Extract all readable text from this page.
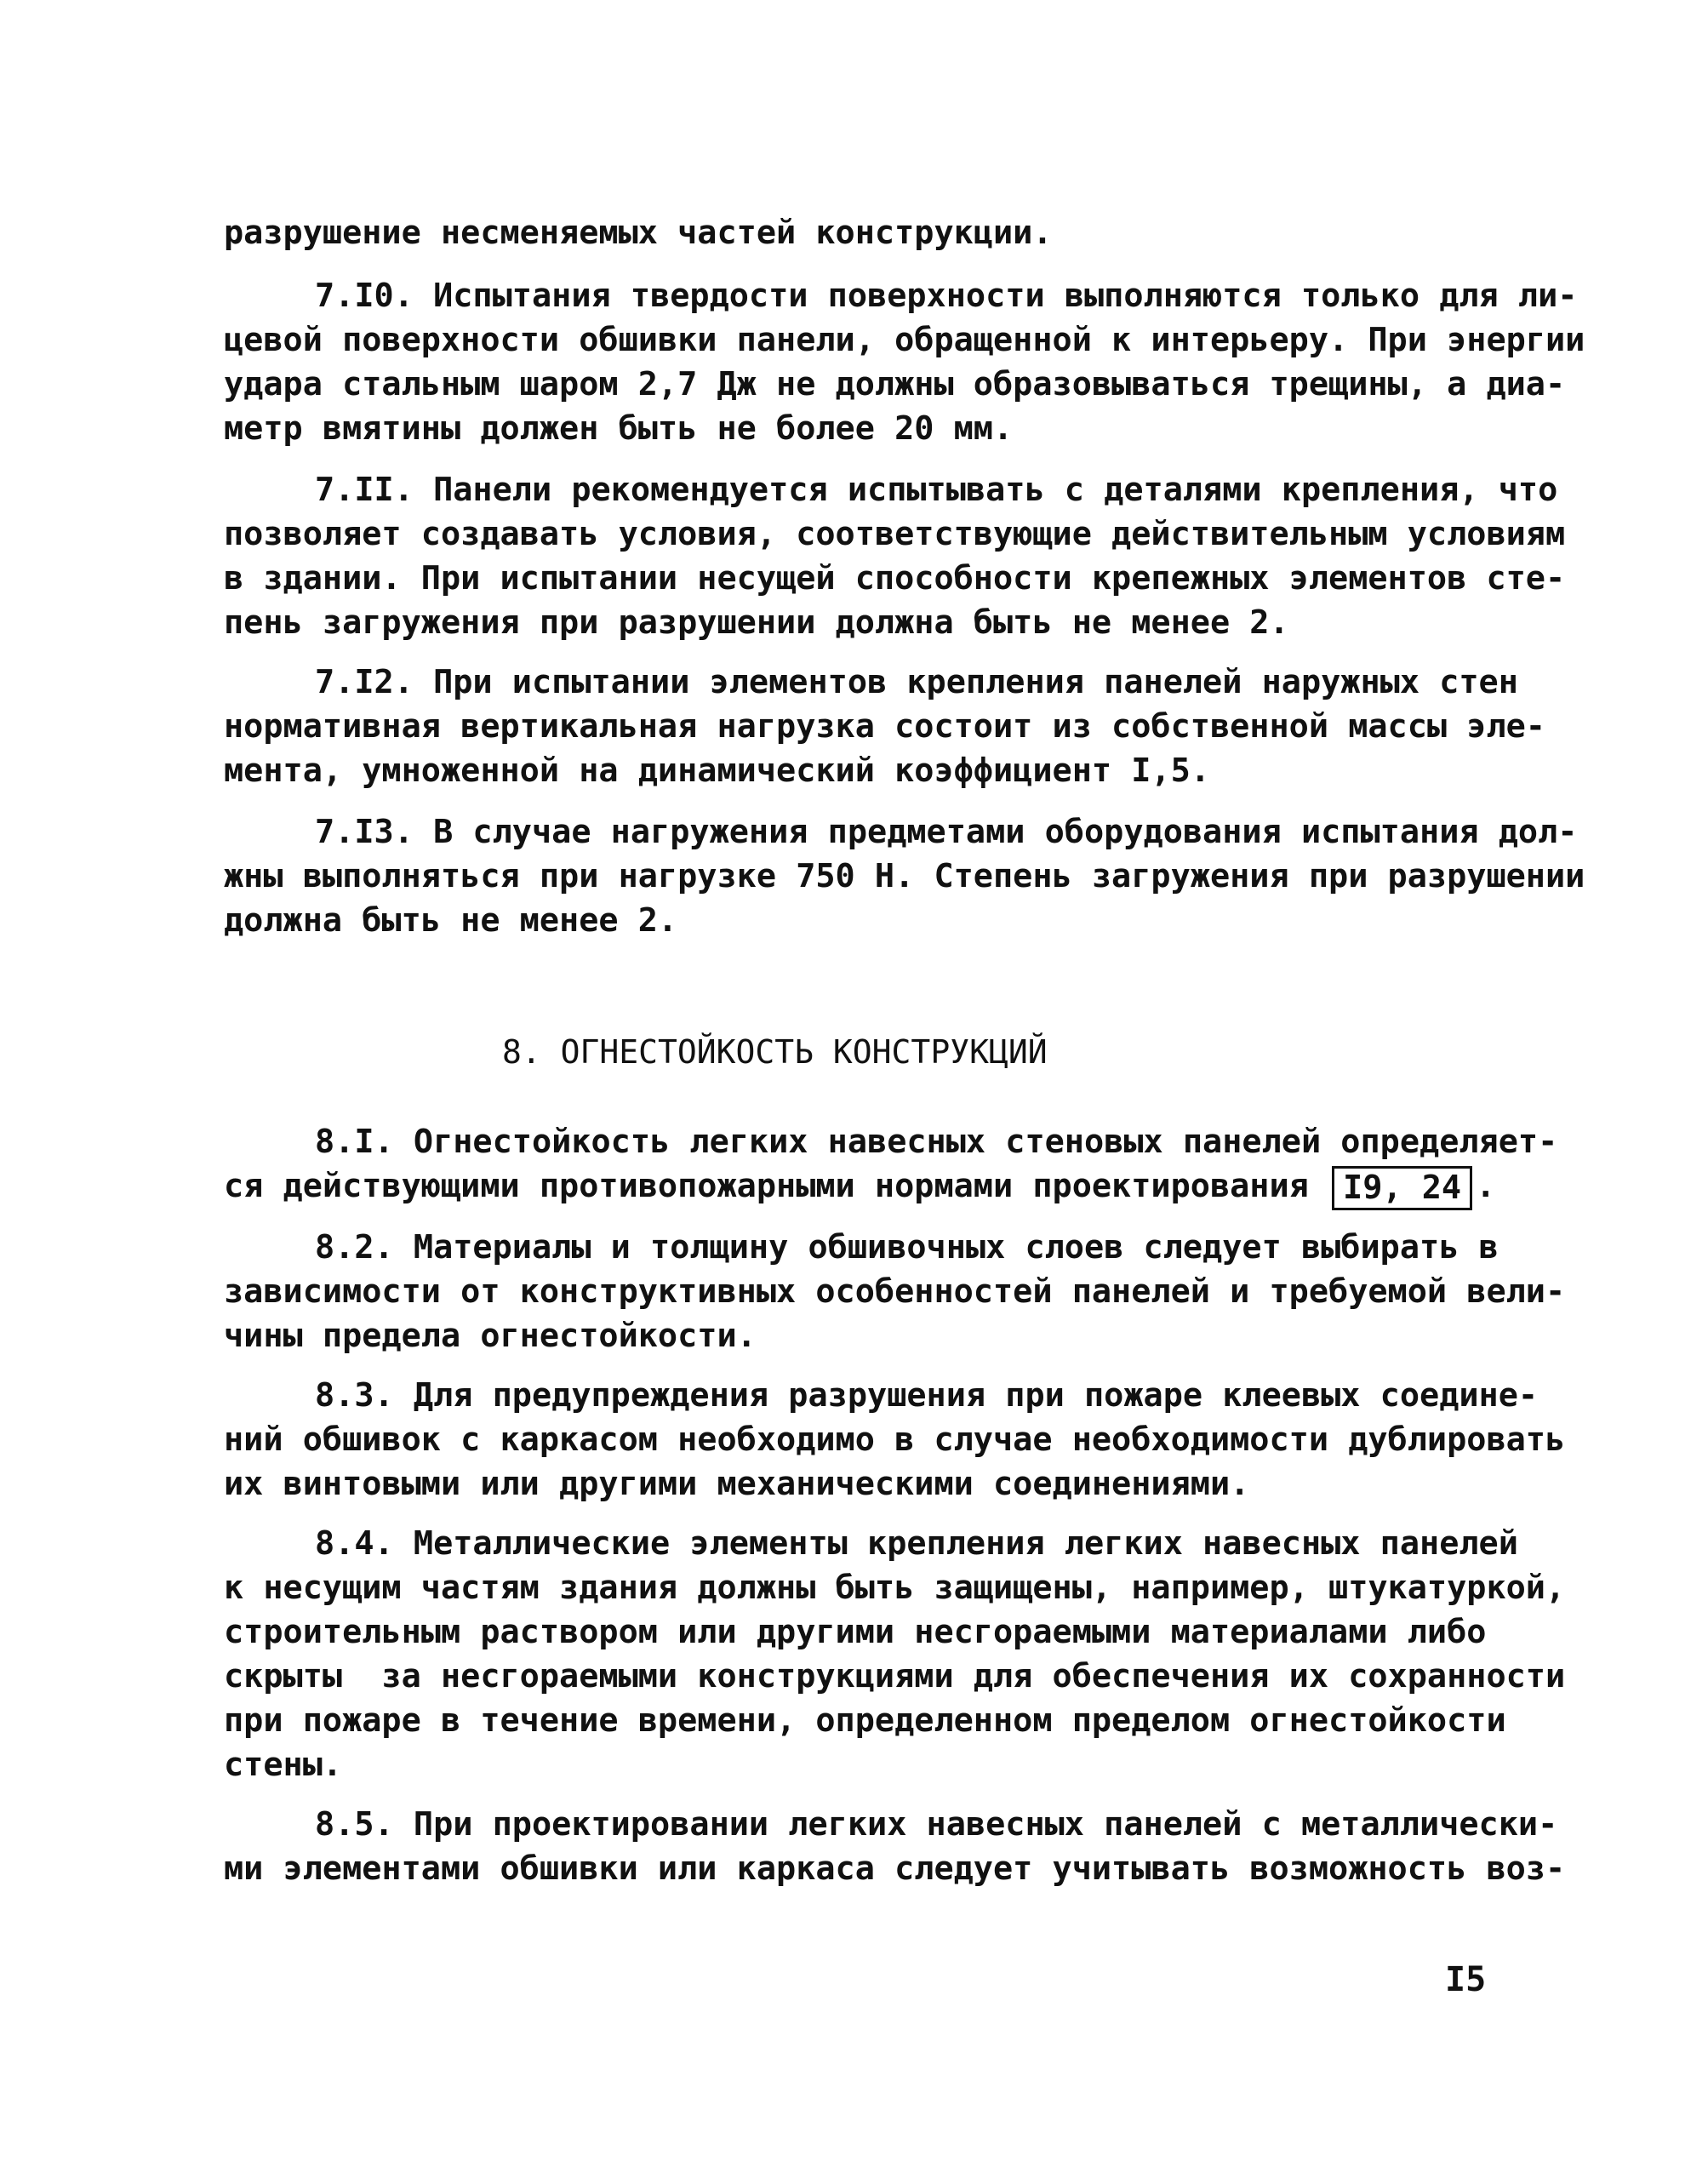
разрушение несменяемых частей конструкции.
7.I0. Испытания твердости поверхности выполняются только для ли-
цевой поверхности обшивки панели, обращенной к интерьеру. При энергии
удара стальным шаром 2,7 Дж не должны образовываться трещины, а диа-
метр вмятины должен быть не более 20 мм.
7.II. Панели рекомендуется испытывать с деталями крепления, что
позволяет создавать условия, соответствующие действительным условиям
в здании. При испытании несущей способности крепежных элементов сте-
пень загружения при разрушении должна быть не менее 2.
7.I2. При испытании элементов крепления панелей наружных стен
нормативная вертикальная нагрузка состоит из собственной массы эле-
мента, умноженной на динамический коэффициент I,5.
7.I3. В случае нагружения предметами оборудования испытания дол-
жны выполняться при нагрузке 750 Н. Степень загружения при разрушении
должна быть не менее 2.
8. ОГНЕСТОЙКОСТЬ КОНСТРУКЦИЙ
8.I. Огнестойкость легких навесных стеновых панелей определяет-
ся действующими противопожарными нормами проектирования I9, 24 .
8.2. Материалы и толщину обшивочных слоев следует выбирать в
зависимости от конструктивных особенностей панелей и требуемой вели-
чины предела огнестойкости.
8.3. Для предупреждения разрушения при пожаре клеевых соедине-
ний обшивок с каркасом необходимо в случае необходимости дублировать
их винтовыми или другими механическими соединениями.
8.4. Металлические элементы крепления легких навесных панелей
к несущим частям здания должны быть защищены, например, штукатуркой,
строительным раствором или другими несгораемыми материалами либо
скрыты  за несгораемыми конструкциями для обеспечения их сохранности
при пожаре в течение времени, определенном пределом огнестойкости
стены.
8.5. При проектировании легких навесных панелей с металлически-
ми элементами обшивки или каркаса следует учитывать возможность воз-
I5
